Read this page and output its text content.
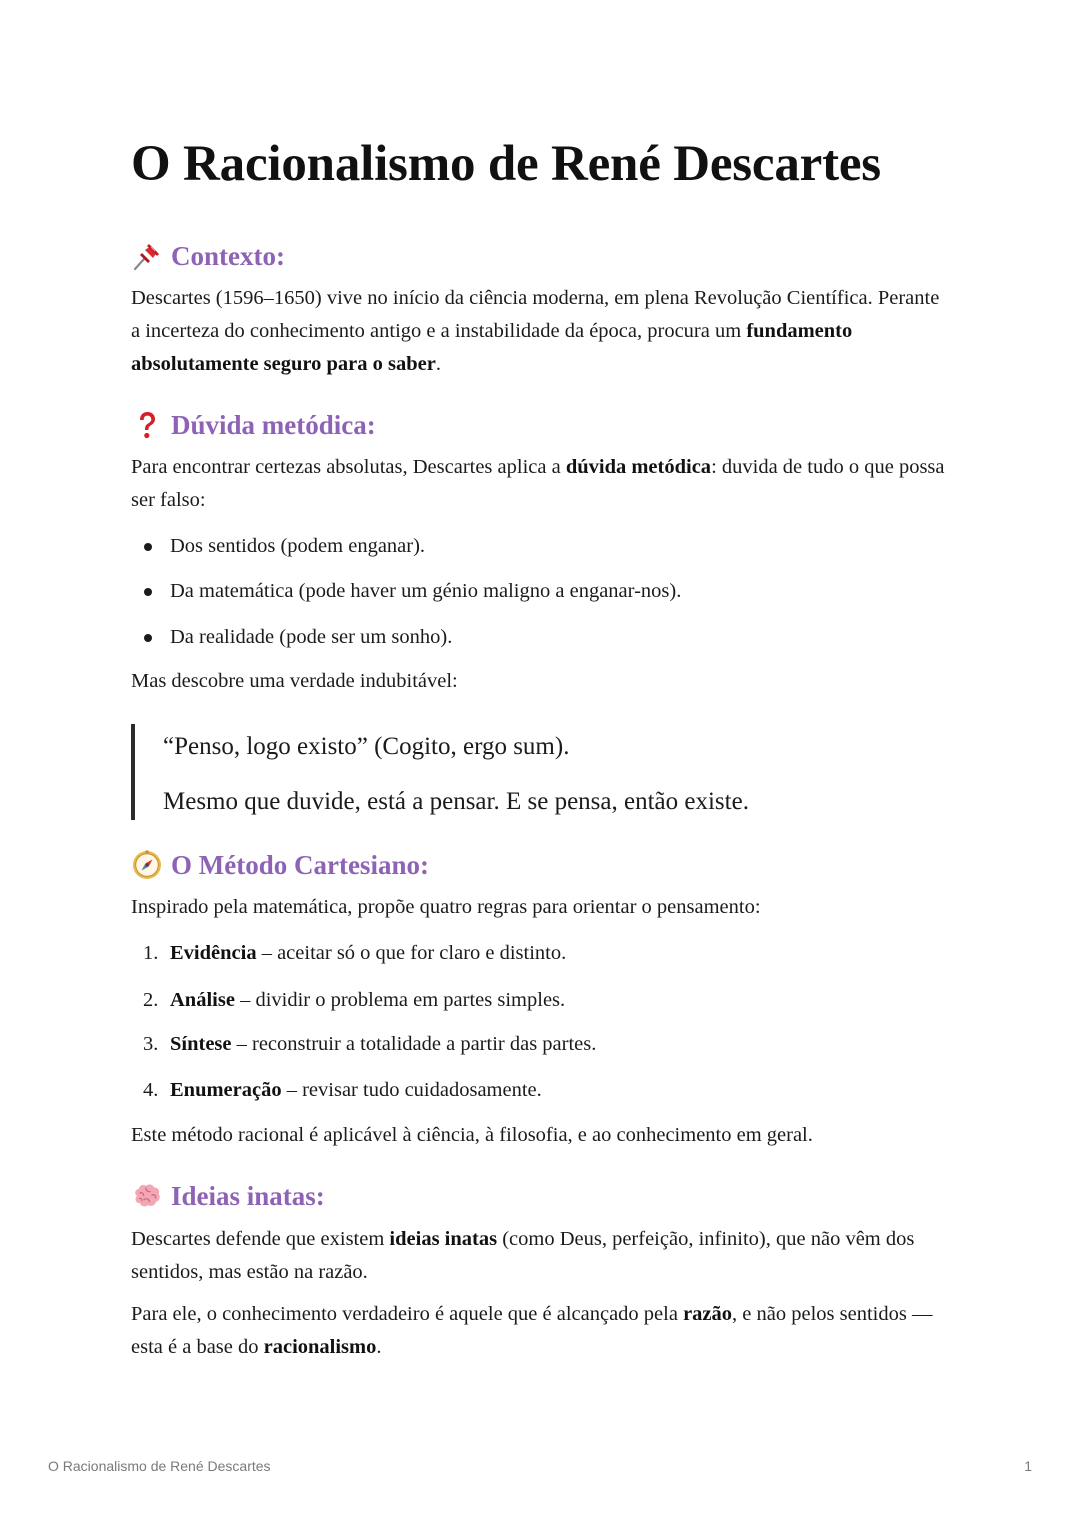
O Racionalismo de René Descartes
Contexto:

Descartes (1596–1650) vive no início da ciência moderna, em plena Revolução Científica. Perante a incerteza do conhecimento antigo e a instabilidade da época, procura um fundamento absolutamente seguro para o saber.

Dúvida metódica:

Para encontrar certezas absolutas, Descartes aplica a dúvida metódica: duvida de tudo o que possa ser falso:

Dos sentidos (podem enganar).
Da matemática (pode haver um génio maligno a enganar-nos).
Da realidade (pode ser um sonho).

Mas descobre uma verdade indubitável:

“Penso, logo existo” (Cogito, ergo sum).

Mesmo que duvide, está a pensar. E se pensa, então existe.

O Método Cartesiano:

Inspirado pela matemática, propõe quatro regras para orientar o pensamento:

1. Evidência – aceitar só o que for claro e distinto.
2. Análise – dividir o problema em partes simples.
3. Síntese – reconstruir a totalidade a partir das partes.
4. Enumeração – revisar tudo cuidadosamente.

Este método racional é aplicável à ciência, à filosofia, e ao conhecimento em geral.

Ideias inatas:

Descartes defende que existem ideias inatas (como Deus, perfeição, infinito), que não vêm dos sentidos, mas estão na razão.

Para ele, o conhecimento verdadeiro é aquele que é alcançado pela razão, e não pelos sentidos — esta é a base do racionalismo.

O Racionalismo de René Descartes	1
